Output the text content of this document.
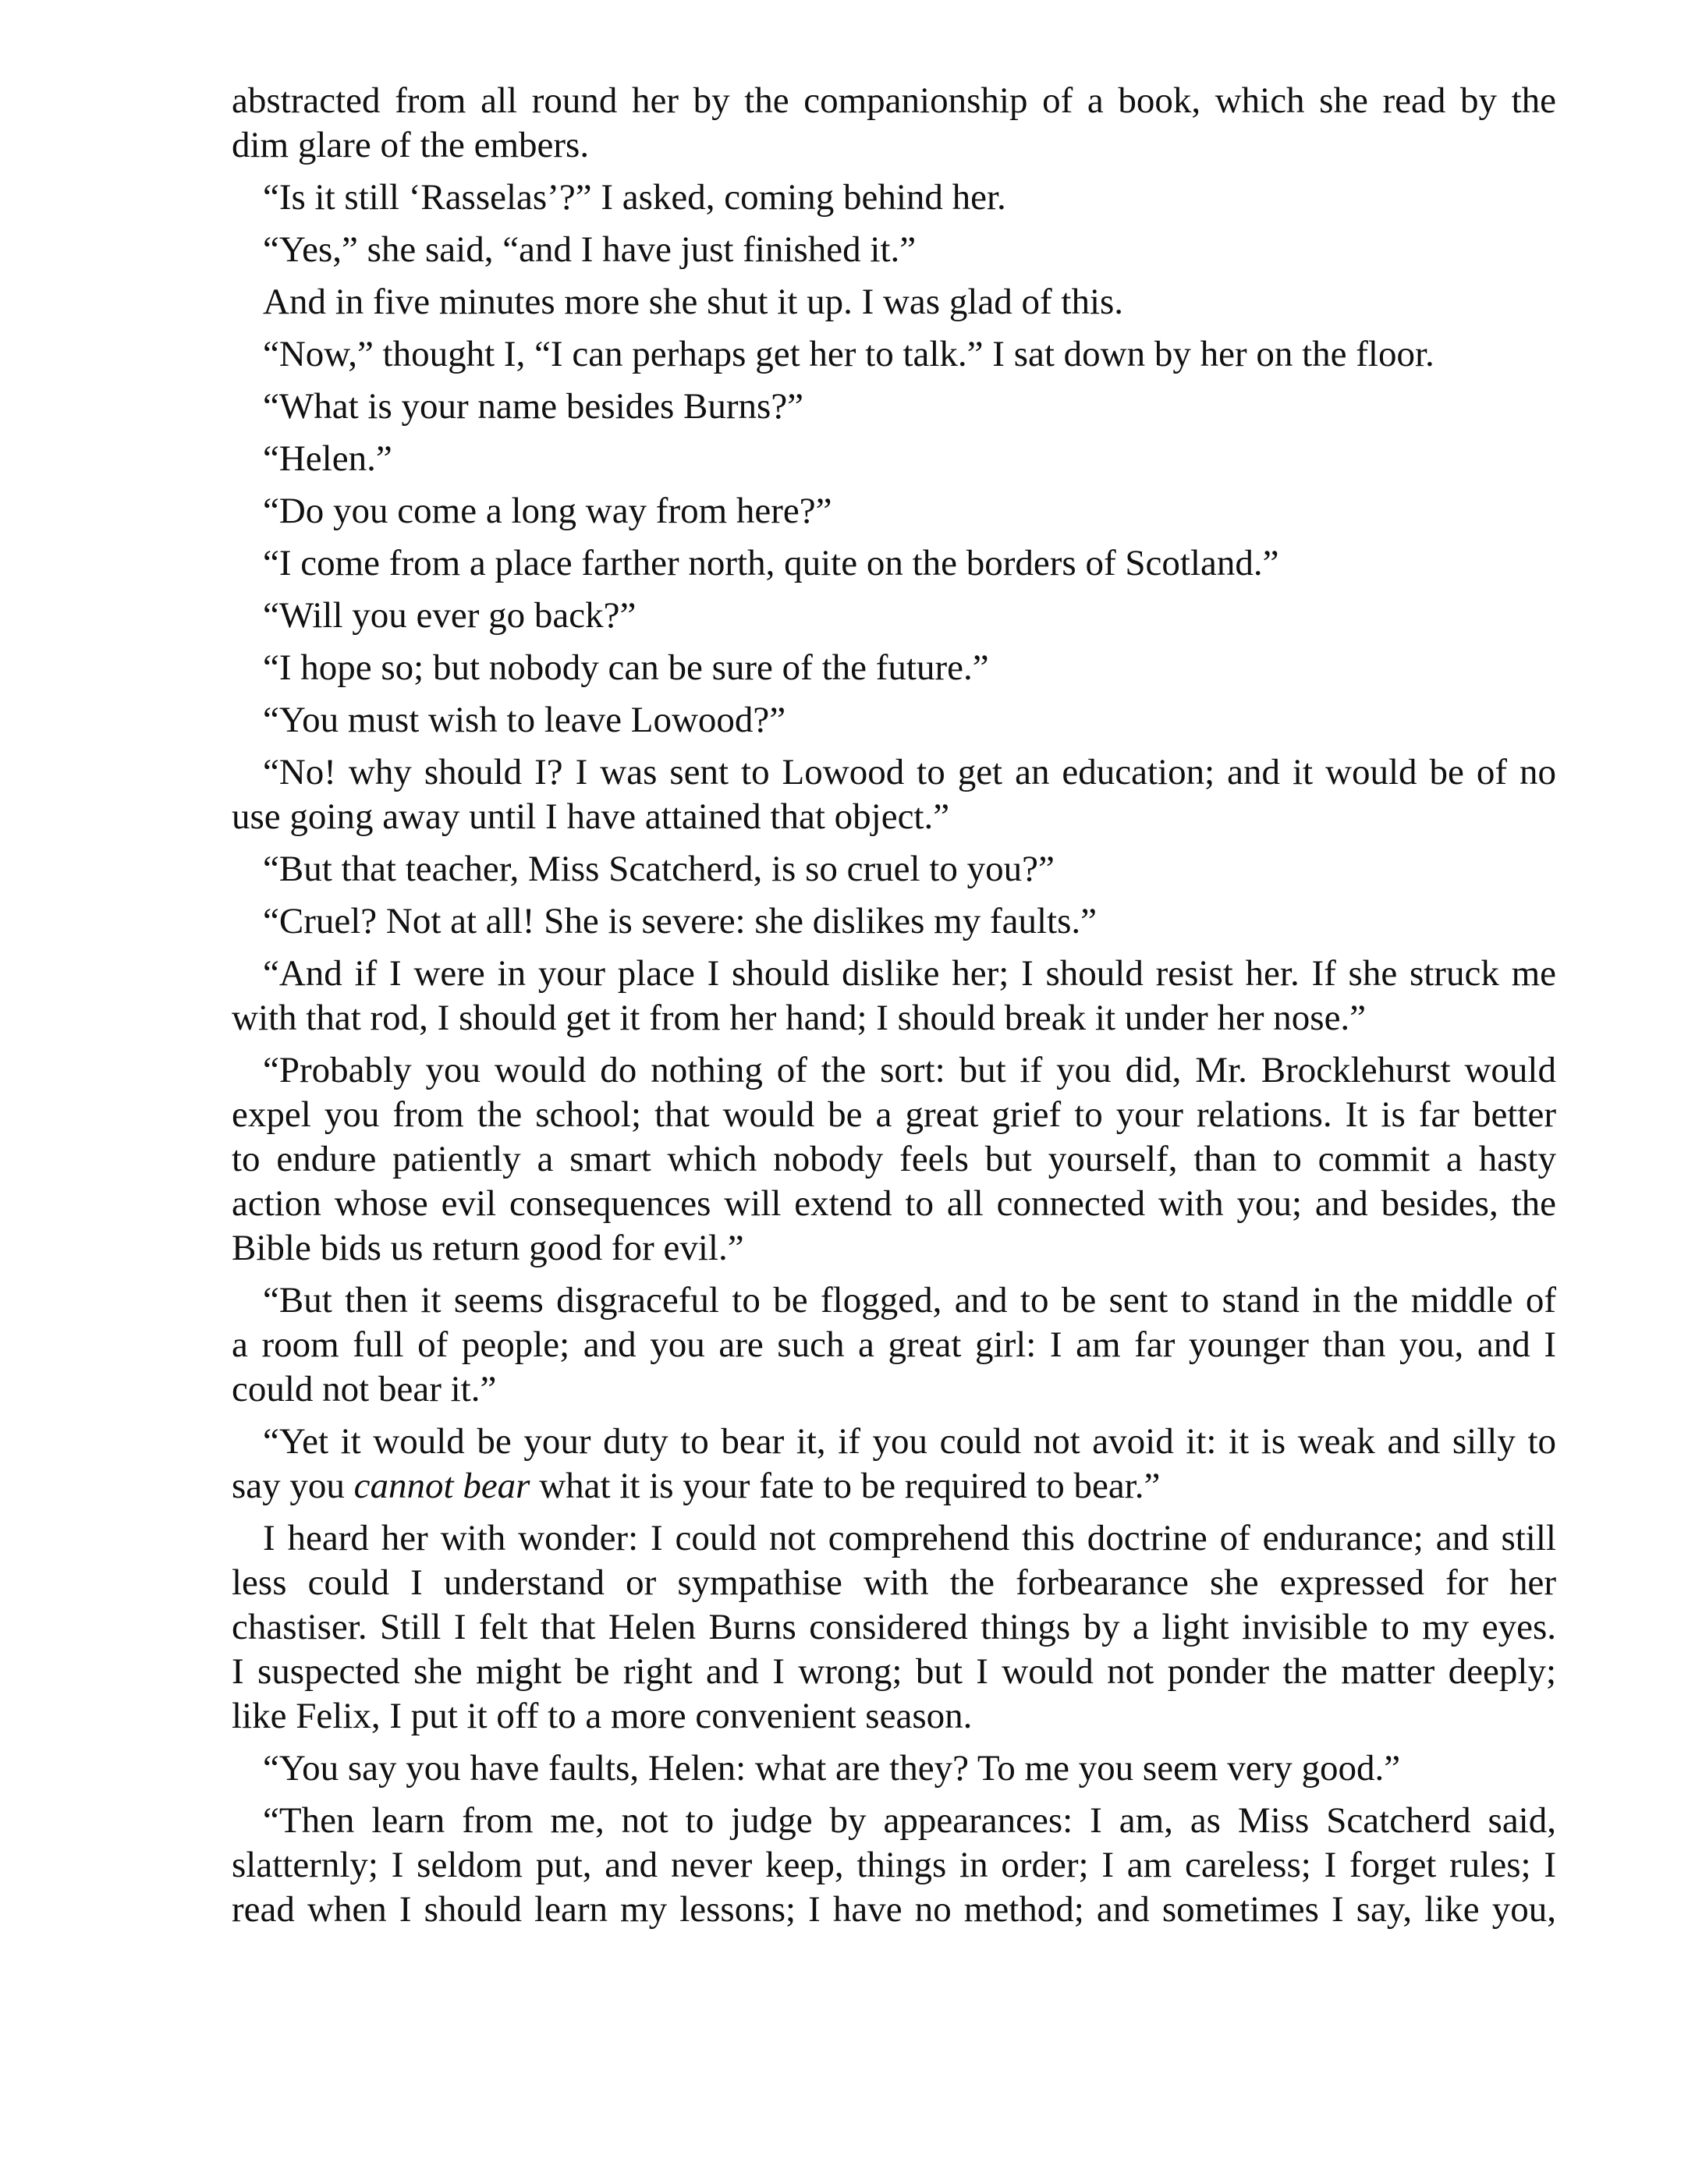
abstracted from all round her by the companionship of a book, which she read by the
dim glare of the embers.
“Is it still ‘Rasselas’?” I asked, coming behind her.
“Yes,” she said, “and I have just finished it.”
And in five minutes more she shut it up. I was glad of this.
“Now,” thought I, “I can perhaps get her to talk.” I sat down by her on the floor.
“What is your name besides Burns?”
“Helen.”
“Do you come a long way from here?”
“I come from a place farther north, quite on the borders of Scotland.”
“Will you ever go back?”
“I hope so; but nobody can be sure of the future.”
“You must wish to leave Lowood?”
“No! why should I? I was sent to Lowood to get an education; and it would be of no
use going away until I have attained that object.”
“But that teacher, Miss Scatcherd, is so cruel to you?”
“Cruel? Not at all! She is severe: she dislikes my faults.”
“And if I were in your place I should dislike her; I should resist her. If she struck me
with that rod, I should get it from her hand; I should break it under her nose.”
“Probably you would do nothing of the sort: but if you did, Mr. Brocklehurst would
expel you from the school; that would be a great grief to your relations. It is far better
to endure patiently a smart which nobody feels but yourself, than to commit a hasty
action whose evil consequences will extend to all connected with you; and besides, the
Bible bids us return good for evil.”
“But then it seems disgraceful to be flogged, and to be sent to stand in the middle of
a room full of people; and you are such a great girl: I am far younger than you, and I
could not bear it.”
“Yet it would be your duty to bear it, if you could not avoid it: it is weak and silly to
say you cannot bear what it is your fate to be required to bear.”
I heard her with wonder: I could not comprehend this doctrine of endurance; and still
less could I understand or sympathise with the forbearance she expressed for her
chastiser. Still I felt that Helen Burns considered things by a light invisible to my eyes.
I suspected she might be right and I wrong; but I would not ponder the matter deeply;
like Felix, I put it off to a more convenient season.
“You say you have faults, Helen: what are they? To me you seem very good.”
“Then learn from me, not to judge by appearances: I am, as Miss Scatcherd said,
slatternly; I seldom put, and never keep, things in order; I am careless; I forget rules; I
read when I should learn my lessons; I have no method; and sometimes I say, like you,
